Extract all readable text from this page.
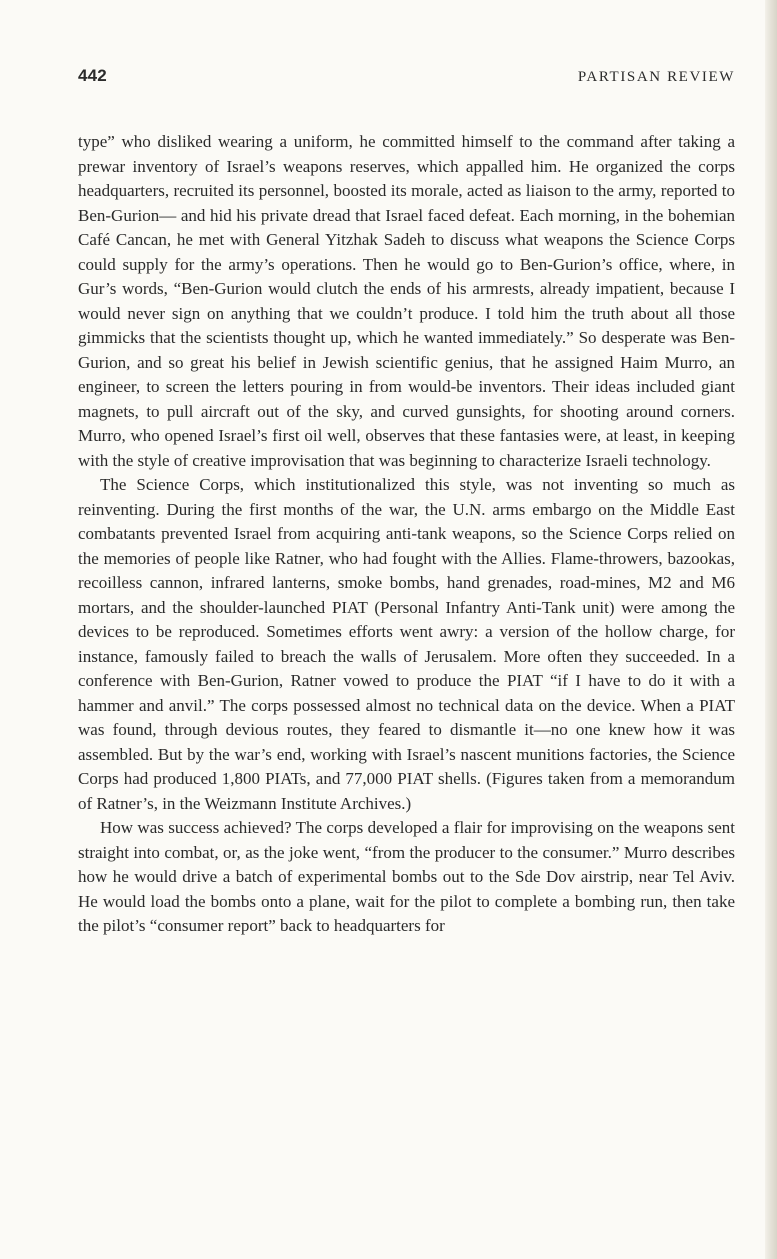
442	PARTISAN REVIEW

type” who disliked wearing a uniform, he committed himself to the command after taking a prewar inventory of Israel’s weapons reserves, which appalled him. He organized the corps headquarters, recruited its personnel, boosted its morale, acted as liaison to the army, reported to Ben-Gurion— and hid his private dread that Israel faced defeat. Each morning, in the bohemian Café Cancan, he met with General Yitzhak Sadeh to discuss what weapons the Science Corps could supply for the army’s operations. Then he would go to Ben-Gurion’s office, where, in Gur’s words, “Ben-Gurion would clutch the ends of his armrests, already impatient, because I would never sign on anything that we couldn’t produce. I told him the truth about all those gimmicks that the scientists thought up, which he wanted immediately.” So desperate was Ben-Gurion, and so great his belief in Jewish scientific genius, that he assigned Haim Murro, an engineer, to screen the letters pouring in from would-be inventors. Their ideas included giant magnets, to pull aircraft out of the sky, and curved gunsights, for shooting around corners. Murro, who opened Israel’s first oil well, observes that these fantasies were, at least, in keeping with the style of creative improvisation that was beginning to characterize Israeli technology.

The Science Corps, which institutionalized this style, was not inventing so much as reinventing. During the first months of the war, the U.N. arms embargo on the Middle East combatants prevented Israel from acquiring anti-tank weapons, so the Science Corps relied on the memories of people like Ratner, who had fought with the Allies. Flame-throwers, bazookas, recoilless cannon, infrared lanterns, smoke bombs, hand grenades, road-mines, M2 and M6 mortars, and the shoulder-launched PIAT (Personal Infantry Anti-Tank unit) were among the devices to be reproduced. Sometimes efforts went awry: a version of the hollow charge, for instance, famously failed to breach the walls of Jerusalem. More often they succeeded. In a conference with Ben-Gurion, Ratner vowed to produce the PIAT “if I have to do it with a hammer and anvil.” The corps possessed almost no technical data on the device. When a PIAT was found, through devious routes, they feared to dismantle it—no one knew how it was assembled. But by the war’s end, working with Israel’s nascent munitions factories, the Science Corps had produced 1,800 PIATs, and 77,000 PIAT shells. (Figures taken from a memorandum of Ratner’s, in the Weizmann Institute Archives.)

How was success achieved? The corps developed a flair for improvising on the weapons sent straight into combat, or, as the joke went, “from the producer to the consumer.” Murro describes how he would drive a batch of experimental bombs out to the Sde Dov airstrip, near Tel Aviv. He would load the bombs onto a plane, wait for the pilot to complete a bombing run, then take the pilot’s “consumer report” back to headquarters for
